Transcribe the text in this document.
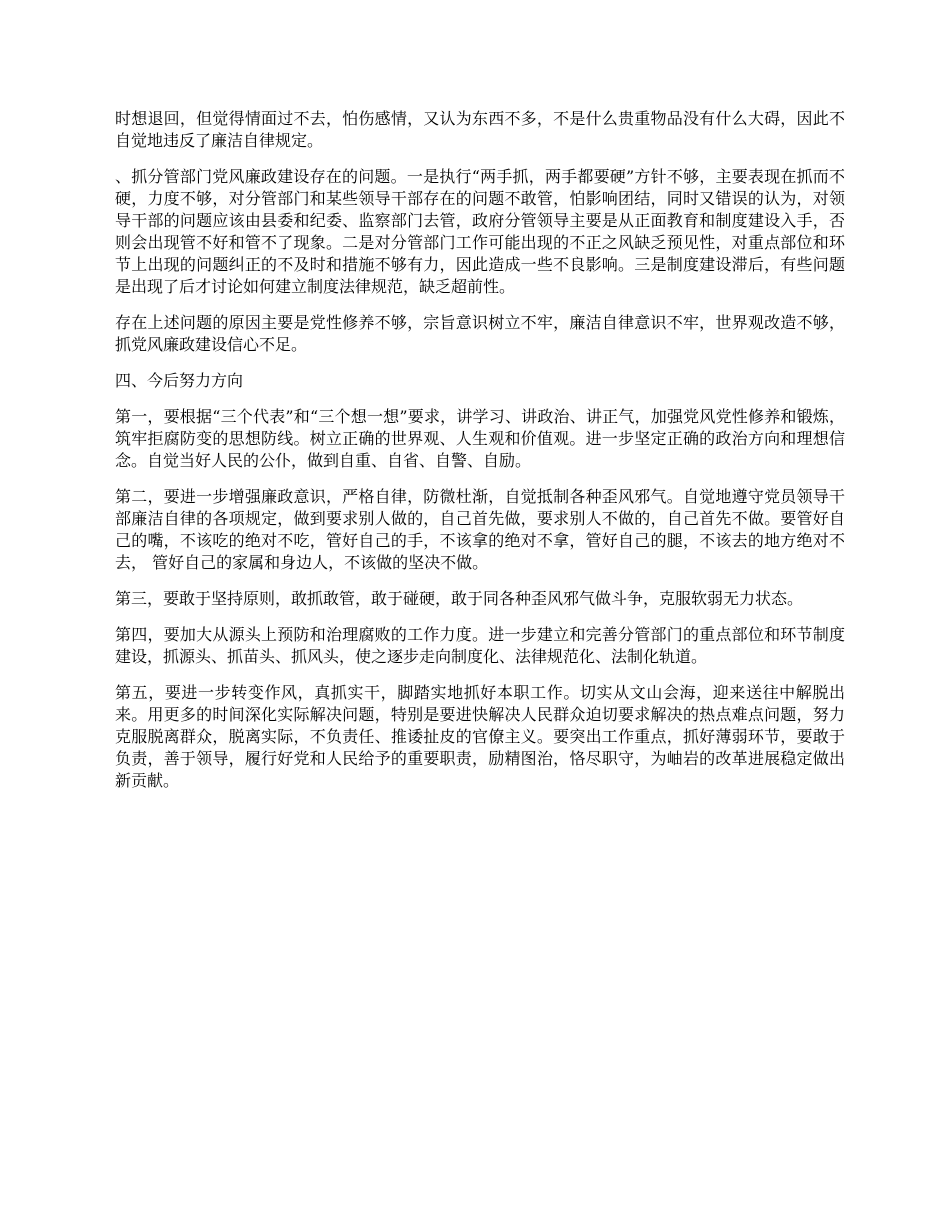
时想退回，但觉得情面过不去，怕伤感情，又认为东西不多，不是什么贵重物品没有什么大碍，因此不自觉地违反了廉洁自律规定。

、抓分管部门党风廉政建设存在的问题。一是执行“两手抓，两手都要硬”方针不够，主要表现在抓而不硬，力度不够，对分管部门和某些领导干部存在的问题不敢管，怕影响团结，同时又错误的认为，对领导干部的问题应该由县委和纪委、监察部门去管，政府分管领导主要是从正面教育和制度建设入手，否则会出现管不好和管不了现象。二是对分管部门工作可能出现的不正之风缺乏预见性，对重点部位和环节上出现的问题纠正的不及时和措施不够有力，因此造成一些不良影响。三是制度建设滞后，有些问题是出现了后才讨论如何建立制度法律规范，缺乏超前性。

存在上述问题的原因主要是党性修养不够，宗旨意识树立不牢，廉洁自律意识不牢，世界观改造不够，抓党风廉政建设信心不足。

四、今后努力方向

第一，要根据“三个代表”和“三个想一想”要求，讲学习、讲政治、讲正气，加强党风党性修养和锻炼，筑牢拒腐防变的思想防线。树立正确的世界观、人生观和价值观。进一步坚定正确的政治方向和理想信念。自觉当好人民的公仆，做到自重、自省、自警、自励。

第二，要进一步增强廉政意识，严格自律，防微杜渐，自觉抵制各种歪风邪气。自觉地遵守党员领导干部廉洁自律的各项规定，做到要求别人做的，自己首先做，要求别人不做的，自己首先不做。要管好自己的嘴，不该吃的绝对不吃，管好自己的手，不该拿的绝对不拿，管好自己的腿，不该去的地方绝对不去， 管好自己的家属和身边人，不该做的坚决不做。

第三，要敢于坚持原则，敢抓敢管，敢于碰硬，敢于同各种歪风邪气做斗争，克服软弱无力状态。

第四，要加大从源头上预防和治理腐败的工作力度。进一步建立和完善分管部门的重点部位和环节制度建设，抓源头、抓苗头、抓风头，使之逐步走向制度化、法律规范化、法制化轨道。

第五，要进一步转变作风，真抓实干，脚踏实地抓好本职工作。切实从文山会海，迎来送往中解脱出来。用更多的时间深化实际解决问题，特别是要进快解决人民群众迫切要求解决的热点难点问题，努力克服脱离群众，脱离实际，不负责任、推诿扯皮的官僚主义。要突出工作重点，抓好薄弱环节，要敢于负责，善于领导，履行好党和人民给予的重要职责，励精图治，恪尽职守，为岫岩的改革进展稳定做出新贡献。
